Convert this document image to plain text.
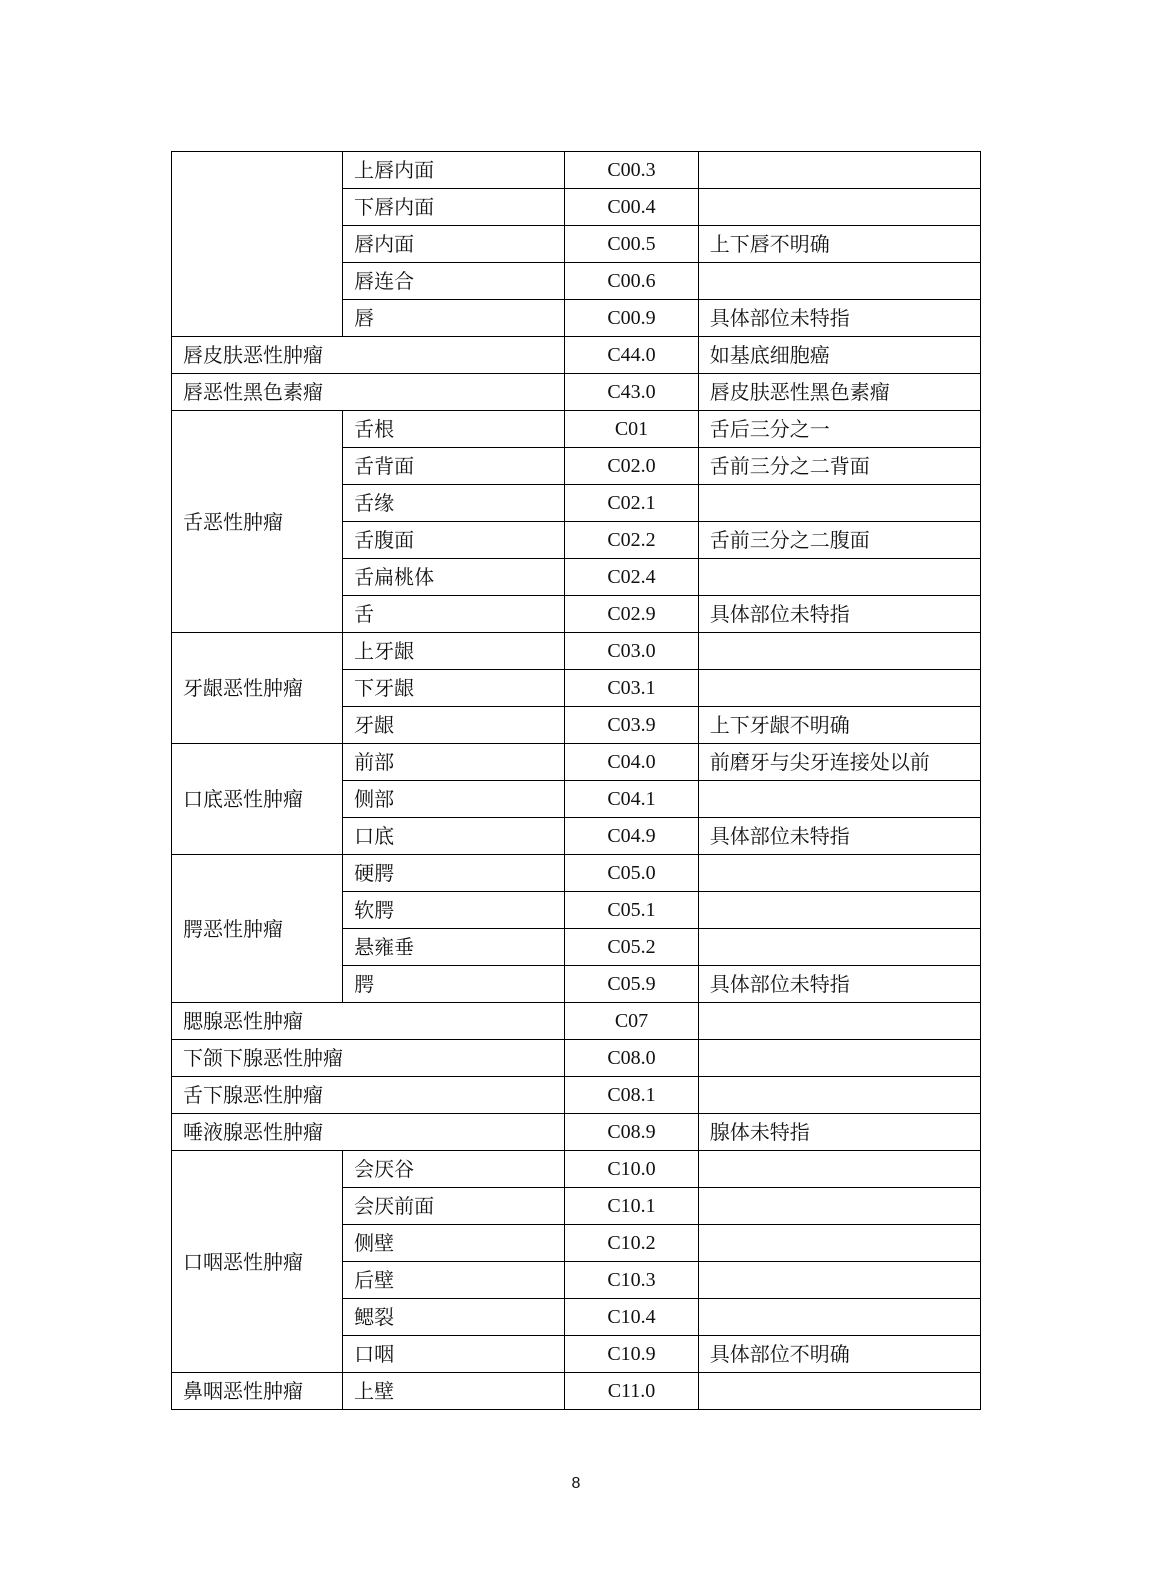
	上唇内面	C00.3	
	下唇内面	C00.4	
	唇内面	C00.5	上下唇不明确
	唇连合	C00.6	
	唇	C00.9	具体部位未特指
唇皮肤恶性肿瘤		C44.0	如基底细胞癌
唇恶性黑色素瘤		C43.0	唇皮肤恶性黑色素瘤
舌恶性肿瘤	舌根	C01	舌后三分之一
	舌背面	C02.0	舌前三分之二背面
	舌缘	C02.1	
	舌腹面	C02.2	舌前三分之二腹面
	舌扁桃体	C02.4	
	舌	C02.9	具体部位未特指
牙龈恶性肿瘤	上牙龈	C03.0	
	下牙龈	C03.1	
	牙龈	C03.9	上下牙龈不明确
口底恶性肿瘤	前部	C04.0	前磨牙与尖牙连接处以前
	侧部	C04.1	
	口底	C04.9	具体部位未特指
腭恶性肿瘤	硬腭	C05.0	
	软腭	C05.1	
	悬雍垂	C05.2	
	腭	C05.9	具体部位未特指
腮腺恶性肿瘤		C07	
下颌下腺恶性肿瘤		C08.0	
舌下腺恶性肿瘤		C08.1	
唾液腺恶性肿瘤		C08.9	腺体未特指
口咽恶性肿瘤	会厌谷	C10.0	
	会厌前面	C10.1	
	侧壁	C10.2	
	后壁	C10.3	
	鳃裂	C10.4	
	口咽	C10.9	具体部位不明确
鼻咽恶性肿瘤	上壁	C11.0	
8
